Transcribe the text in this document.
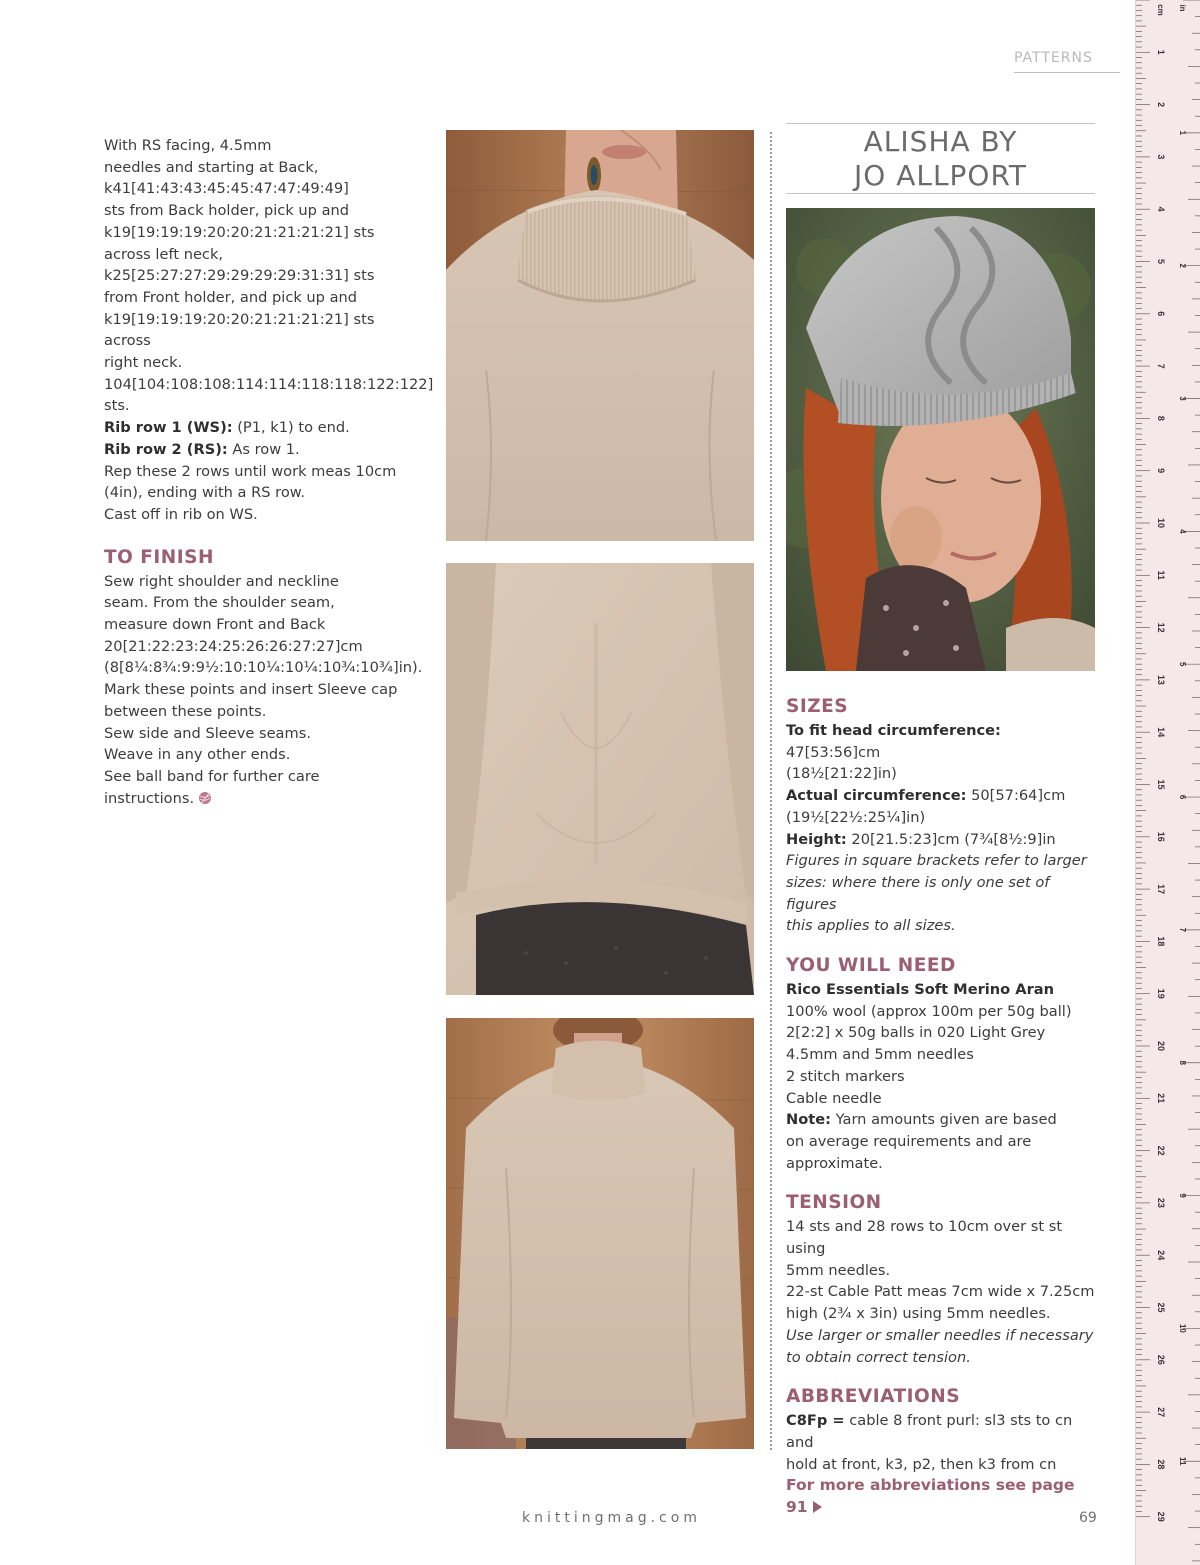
PATTERNS
With RS facing, 4.5mm
needles and starting at Back,
k41[41:43:43:45:45:47:47:49:49]
sts from Back holder, pick up and
k19[19:19:19:20:20:21:21:21:21] sts
across left neck,
k25[25:27:27:29:29:29:29:31:31] sts
from Front holder, and pick up and
k19[19:19:19:20:20:21:21:21:21] sts across
right neck.
104[104:108:108:114:114:118:118:122:122] sts.
Rib row 1 (WS): (P1, k1) to end.
Rib row 2 (RS): As row 1.
Rep these 2 rows until work meas 10cm
(4in), ending with a RS row.
Cast off in rib on WS.
TO FINISH
Sew right shoulder and neckline
seam. From the shoulder seam,
measure down Front and Back
20[21:22:23:24:25:26:26:27:27]cm
(8[8¼:8¾:9:9½:10:10¼:10¼:10¾:10¾]in).
Mark these points and insert Sleeve cap
between these points.
Sew side and Sleeve seams.
Weave in any other ends.
See ball band for further care
instructions.
ALISHA BY
JO ALLPORT
SIZES
To fit head circumference: 47[53:56]cm
(18½[21:22]in)
Actual circumference: 50[57:64]cm
(19½[22½:25¼]in)
Height: 20[21.5:23]cm (7¾[8½:9]in
Figures in square brackets refer to larger
sizes: where there is only one set of figures
this applies to all sizes.
YOU WILL NEED
Rico Essentials Soft Merino Aran
100% wool (approx 100m per 50g ball)
2[2:2] x 50g balls in 020 Light Grey
4.5mm and 5mm needles
2 stitch markers
Cable needle
Note: Yarn amounts given are based
on average requirements and are
approximate.
TENSION
14 sts and 28 rows to 10cm over st st using
5mm needles.
22-st Cable Patt meas 7cm wide x 7.25cm
high (2¾ x 3in) using 5mm needles.
Use larger or smaller needles if necessary
to obtain correct tension.
ABBREVIATIONS
C8Fp = cable 8 front purl: sl3 sts to cn and
hold at front, k3, p2, then k3 from cn
For more abbreviations see page 91
knittingmag.com	69
cm in
1
2
3
4
5
6
7
8
9
10
11
12
13
14
15
16
17
18
19
20
21
22
23
24
25
26
27
28
29
1
2
3
4
5
6
7
8
9
10
11
